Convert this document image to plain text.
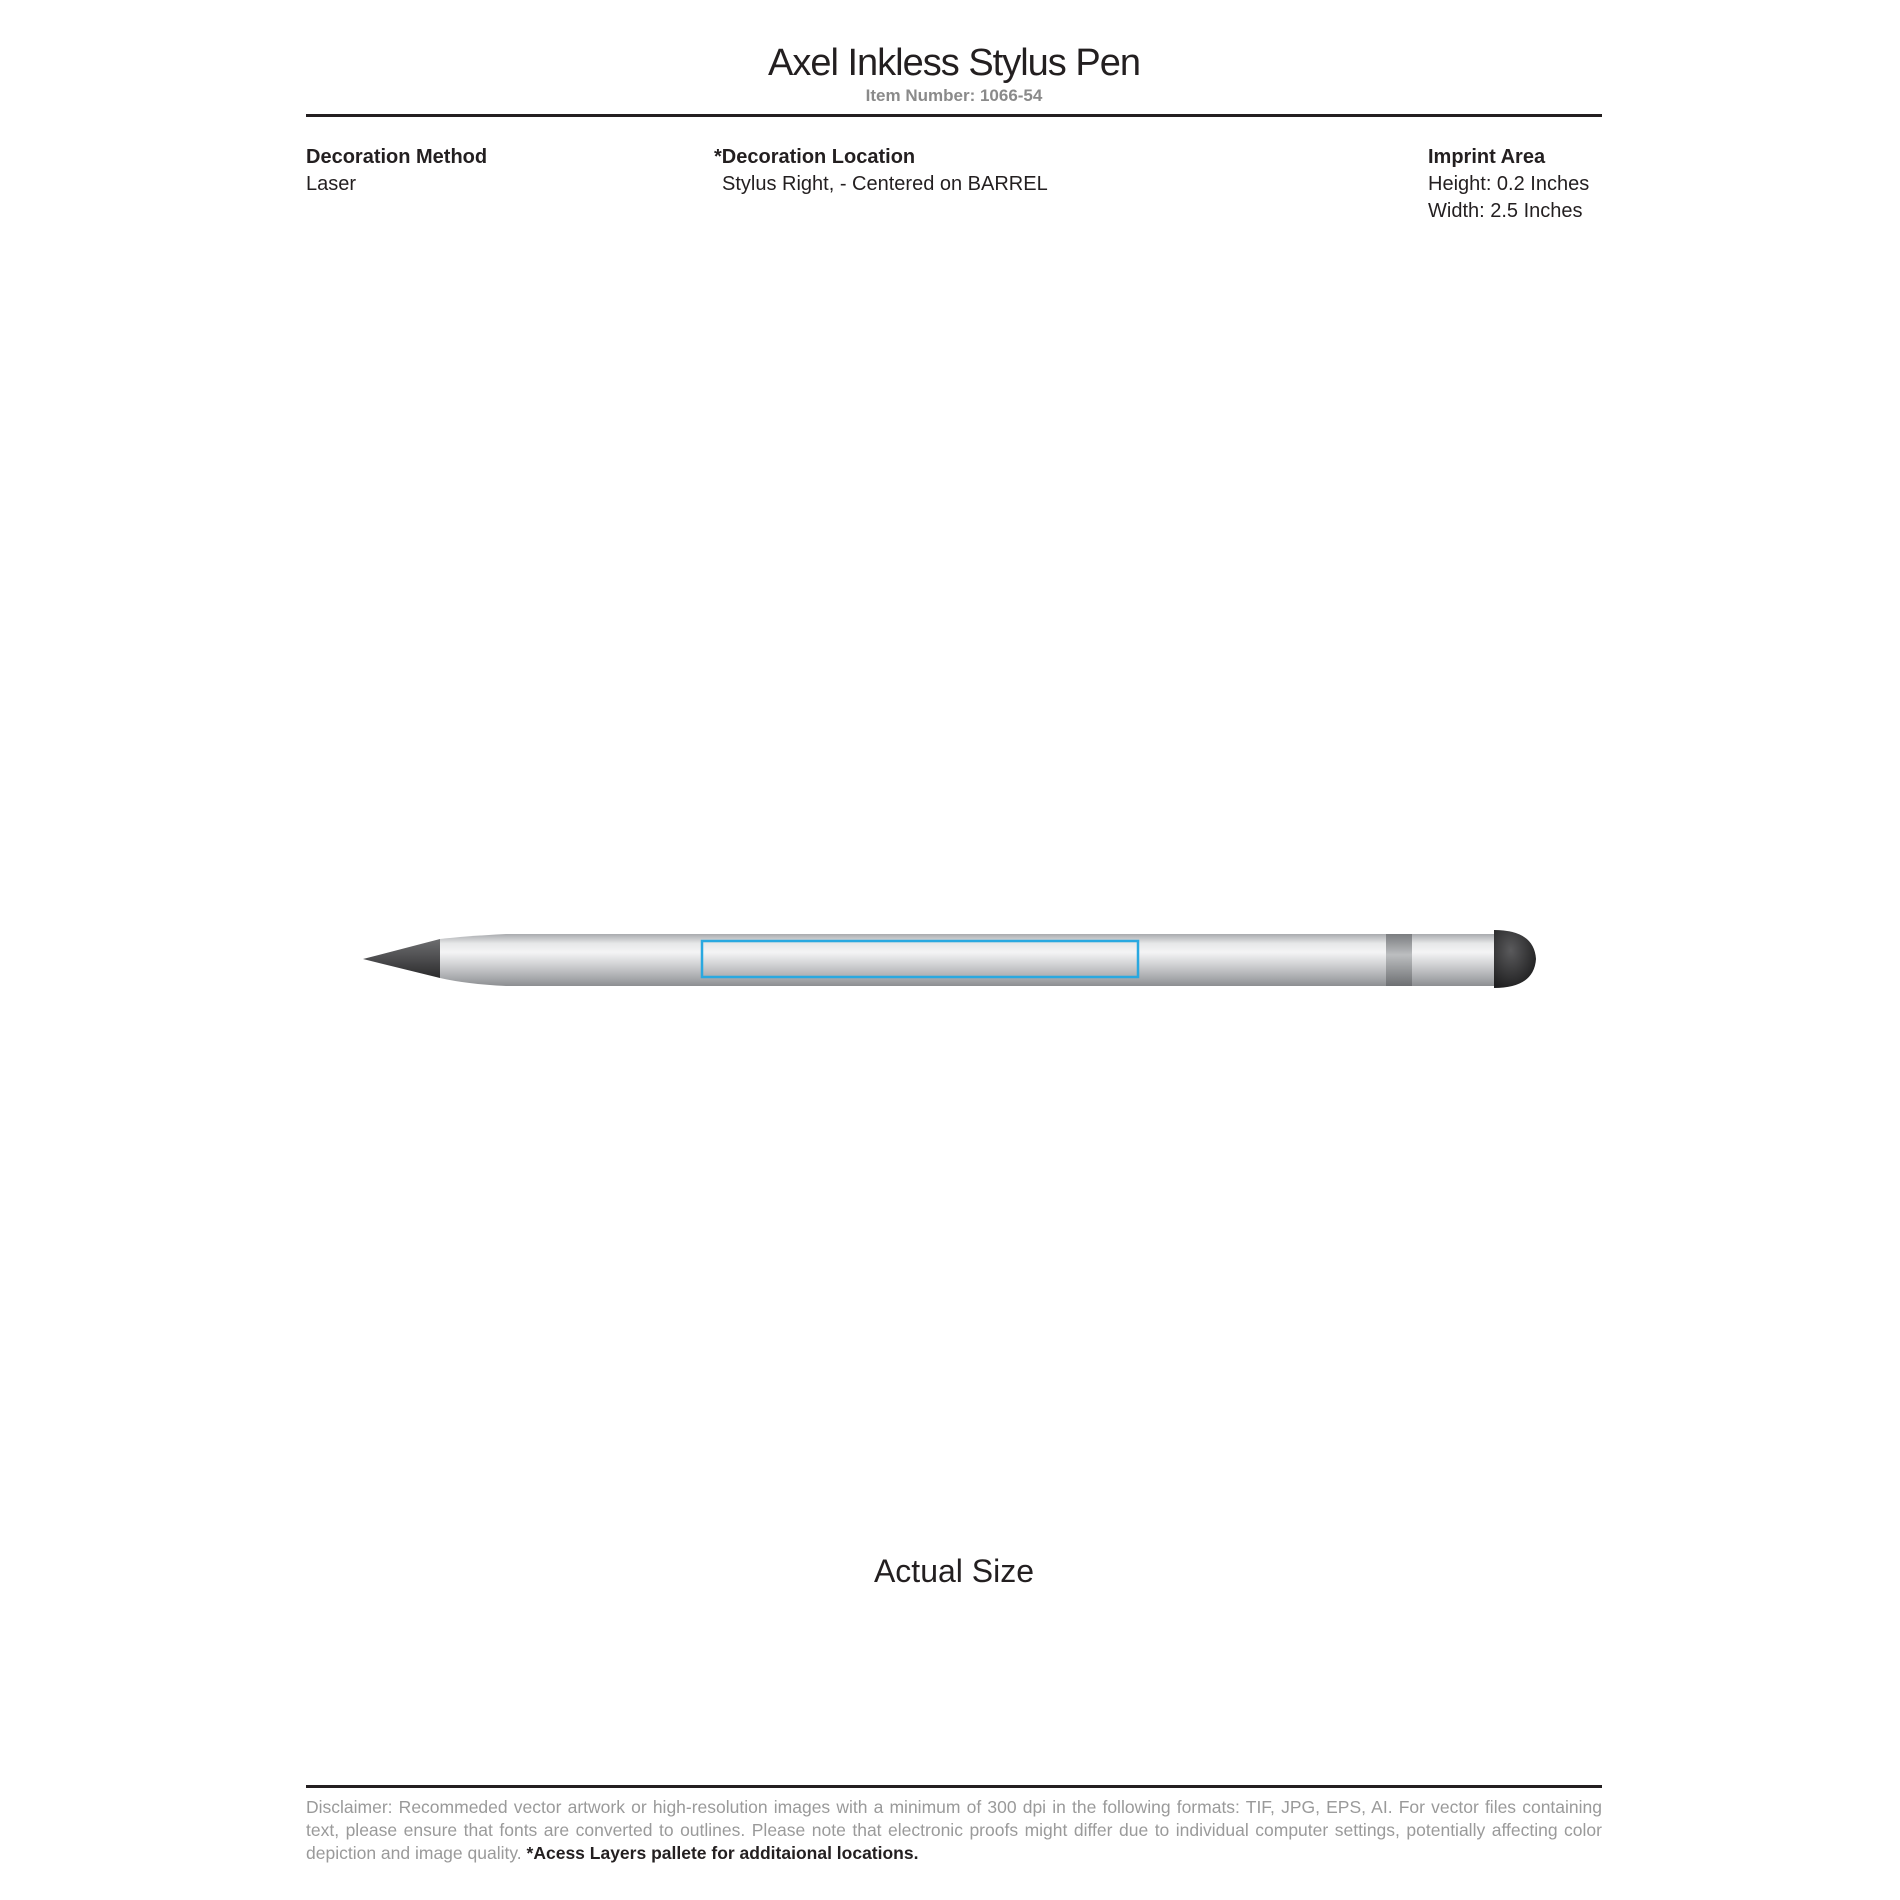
Axel Inkless Stylus Pen
Item Number: 1066-54
Decoration Method
Laser
*Decoration Location
Stylus Right, - Centered on BARREL
Imprint Area
Height: 0.2 Inches
Width: 2.5 Inches
Actual Size
Disclaimer: Recommeded vector artwork or high-resolution images with a minimum of 300 dpi in the following formats: TIF, JPG, EPS, AI. For vector files containing text, please ensure that fonts are converted to outlines. Please note that electronic proofs might differ due to individual computer settings, potentially affecting color depiction and image quality. *Acess Layers pallete for additaional locations.
